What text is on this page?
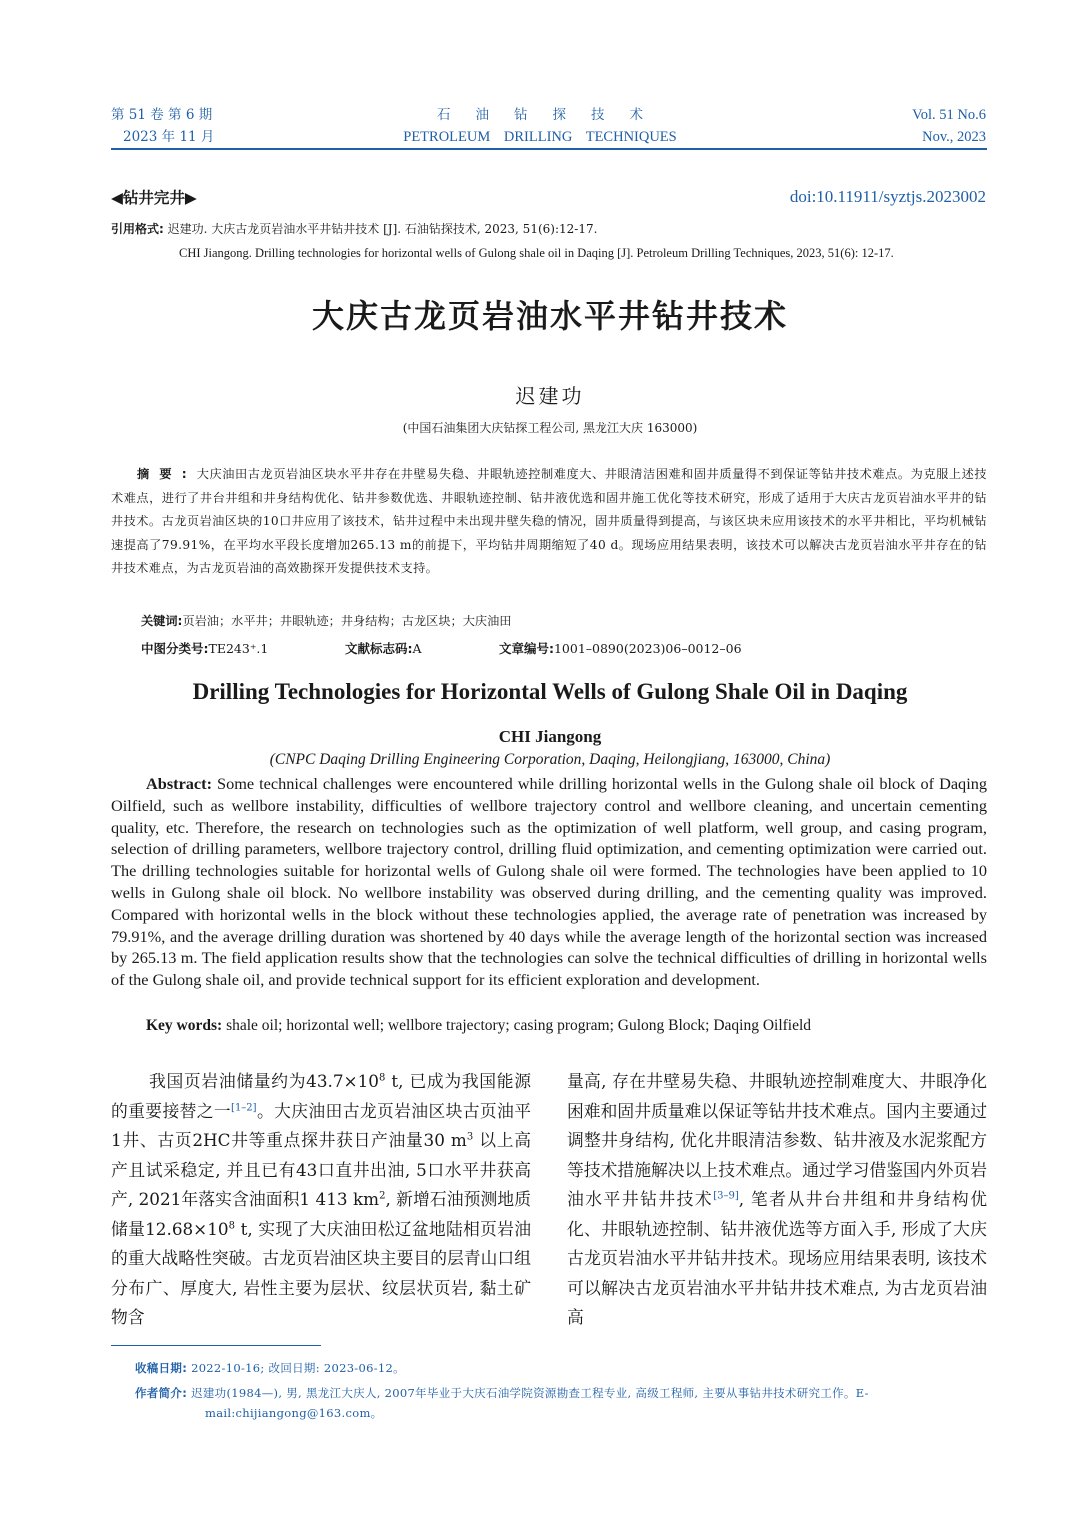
第 51 卷 第 6 期
2023 年 11 月
石油钻探技术
PETROLEUM DRILLING TECHNIQUES
Vol. 51 No.6
Nov., 2023
◀钻井完井▶	doi:10.11911/syztjs.2023002
引用格式: 迟建功. 大庆古龙页岩油水平井钻井技术 [J]. 石油钻探技术, 2023, 51(6):12-17.
CHI Jiangong. Drilling technologies for horizontal wells of Gulong shale oil in Daqing [J]. Petroleum Drilling Techniques, 2023, 51(6): 12-17.
大庆古龙页岩油水平井钻井技术
迟建功
(中国石油集团大庆钻探工程公司, 黑龙江大庆 163000)
摘要:大庆油田古龙页岩油区块水平井存在井壁易失稳、井眼轨迹控制难度大、井眼清洁困难和固井质量得不到保证等钻井技术难点。为克服上述技术难点，进行了井台井组和井身结构优化、钻井参数优选、井眼轨迹控制、钻井液优选和固井施工优化等技术研究，形成了适用于大庆古龙页岩油水平井的钻井技术。古龙页岩油区块的10口井应用了该技术，钻井过程中未出现井壁失稳的情况，固井质量得到提高，与该区块未应用该技术的水平井相比，平均机械钻速提高了79.91%，在平均水平段长度增加265.13 m的前提下，平均钻井周期缩短了40 d。现场应用结果表明，该技术可以解决古龙页岩油水平井存在的钻井技术难点，为古龙页岩油的高效勘探开发提供技术支持。
关键词:页岩油；水平井；井眼轨迹；井身结构；古龙区块；大庆油田
中图分类号:TE243⁺.1	文献标志码:A	文章编号:1001–0890(2023)06–0012–06
Drilling Technologies for Horizontal Wells of Gulong Shale Oil in Daqing
CHI Jiangong
(CNPC Daqing Drilling Engineering Corporation, Daqing, Heilongjiang, 163000, China)
Abstract: Some technical challenges were encountered while drilling horizontal wells in the Gulong shale oil block of Daqing Oilfield, such as wellbore instability, difficulties of wellbore trajectory control and wellbore cleaning, and uncertain cementing quality, etc. Therefore, the research on technologies such as the optimization of well platform, well group, and casing program, selection of drilling parameters, wellbore trajectory control, drilling fluid optimization, and cementing optimization were carried out. The drilling technologies suitable for horizontal wells of Gulong shale oil were formed. The technologies have been applied to 10 wells in Gulong shale oil block. No wellbore instability was observed during drilling, and the cementing quality was improved. Compared with horizontal wells in the block without these technologies applied, the average rate of penetration was increased by 79.91%, and the average drilling duration was shortened by 40 days while the average length of the horizontal section was increased by 265.13 m. The field application results show that the technologies can solve the technical difficulties of drilling in horizontal wells of the Gulong shale oil, and provide technical support for its efficient exploration and development.
Key words: shale oil; horizontal well; wellbore trajectory; casing program; Gulong Block; Daqing Oilfield
我国页岩油储量约为$43.7\times 10^8$ t, 已成为我国能源的重要接替之一[1–2]。大庆油田古龙页岩油区块古页油平1井、古页2HC井等重点探井获日产油量30 $m^3$ 以上高产且试采稳定, 并且已有43口直井出油, 5口水平井获高产, 2021年落实含油面积1 413 $km^2$, 新增石油预测地质储量$12.68\times 10^8$ t, 实现了大庆油田松辽盆地陆相页岩油的重大战略性突破。古龙页岩油区块主要目的层青山口组分布广、厚度大, 岩性主要为层状、纹层状页岩, 黏土矿物含
量高, 存在井壁易失稳、井眼轨迹控制难度大、井眼净化困难和固井质量难以保证等钻井技术难点。国内主要通过调整井身结构, 优化井眼清洁参数、钻井液及水泥浆配方等技术措施解决以上技术难点。通过学习借鉴国内外页岩油水平井钻井技术[3–9], 笔者从井台井组和井身结构优化、井眼轨迹控制、钻井液优选等方面入手, 形成了大庆古龙页岩油水平井钻井技术。现场应用结果表明, 该技术可以解决古龙页岩油水平井钻井技术难点, 为古龙页岩油高
收稿日期: 2022-10-16; 改回日期: 2023-06-12。
作者简介: 迟建功(1984—), 男, 黑龙江大庆人, 2007年毕业于大庆石油学院资源勘查工程专业, 高级工程师, 主要从事钻井技术研究工作。E-mail:chijiangong@163.com。
